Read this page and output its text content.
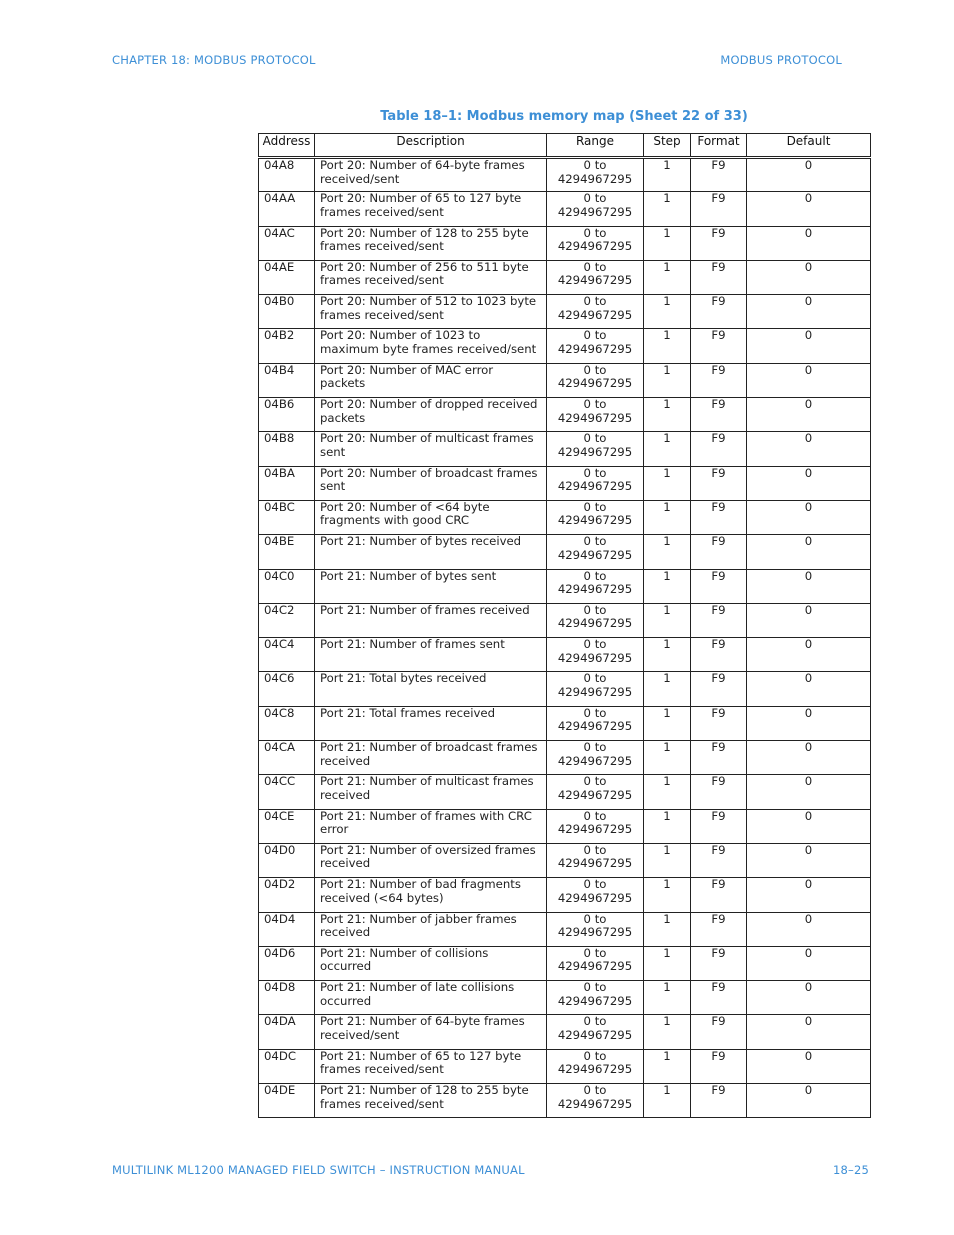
CHAPTER 18: MODBUS PROTOCOL	MODBUS PROTOCOL
Table 18–1: Modbus memory map (Sheet 22 of 33)
Address	Description	Range	Step	Format	Default
04A8	Port 20: Number of 64-byte frames received/sent	0 to 4294967295	1	F9	0
04AA	Port 20: Number of 65 to 127 byte frames received/sent	0 to 4294967295	1	F9	0
04AC	Port 20: Number of 128 to 255 byte frames received/sent	0 to 4294967295	1	F9	0
04AE	Port 20: Number of 256 to 511 byte frames received/sent	0 to 4294967295	1	F9	0
04B0	Port 20: Number of 512 to 1023 byte frames received/sent	0 to 4294967295	1	F9	0
04B2	Port 20: Number of 1023 to maximum byte frames received/sent	0 to 4294967295	1	F9	0
04B4	Port 20: Number of MAC error packets	0 to 4294967295	1	F9	0
04B6	Port 20: Number of dropped received packets	0 to 4294967295	1	F9	0
04B8	Port 20: Number of multicast frames sent	0 to 4294967295	1	F9	0
04BA	Port 20: Number of broadcast frames sent	0 to 4294967295	1	F9	0
04BC	Port 20: Number of <64 byte fragments with good CRC	0 to 4294967295	1	F9	0
04BE	Port 21: Number of bytes received	0 to 4294967295	1	F9	0
04C0	Port 21: Number of bytes sent	0 to 4294967295	1	F9	0
04C2	Port 21: Number of frames received	0 to 4294967295	1	F9	0
04C4	Port 21: Number of frames sent	0 to 4294967295	1	F9	0
04C6	Port 21: Total bytes received	0 to 4294967295	1	F9	0
04C8	Port 21: Total frames received	0 to 4294967295	1	F9	0
04CA	Port 21: Number of broadcast frames received	0 to 4294967295	1	F9	0
04CC	Port 21: Number of multicast frames received	0 to 4294967295	1	F9	0
04CE	Port 21: Number of frames with CRC error	0 to 4294967295	1	F9	0
04D0	Port 21: Number of oversized frames received	0 to 4294967295	1	F9	0
04D2	Port 21: Number of bad fragments received (<64 bytes)	0 to 4294967295	1	F9	0
04D4	Port 21: Number of jabber frames received	0 to 4294967295	1	F9	0
04D6	Port 21: Number of collisions occurred	0 to 4294967295	1	F9	0
04D8	Port 21: Number of late collisions occurred	0 to 4294967295	1	F9	0
04DA	Port 21: Number of 64-byte frames received/sent	0 to 4294967295	1	F9	0
04DC	Port 21: Number of 65 to 127 byte frames received/sent	0 to 4294967295	1	F9	0
04DE	Port 21: Number of 128 to 255 byte frames received/sent	0 to 4294967295	1	F9	0
MULTILINK ML1200 MANAGED FIELD SWITCH – INSTRUCTION MANUAL	18–25
